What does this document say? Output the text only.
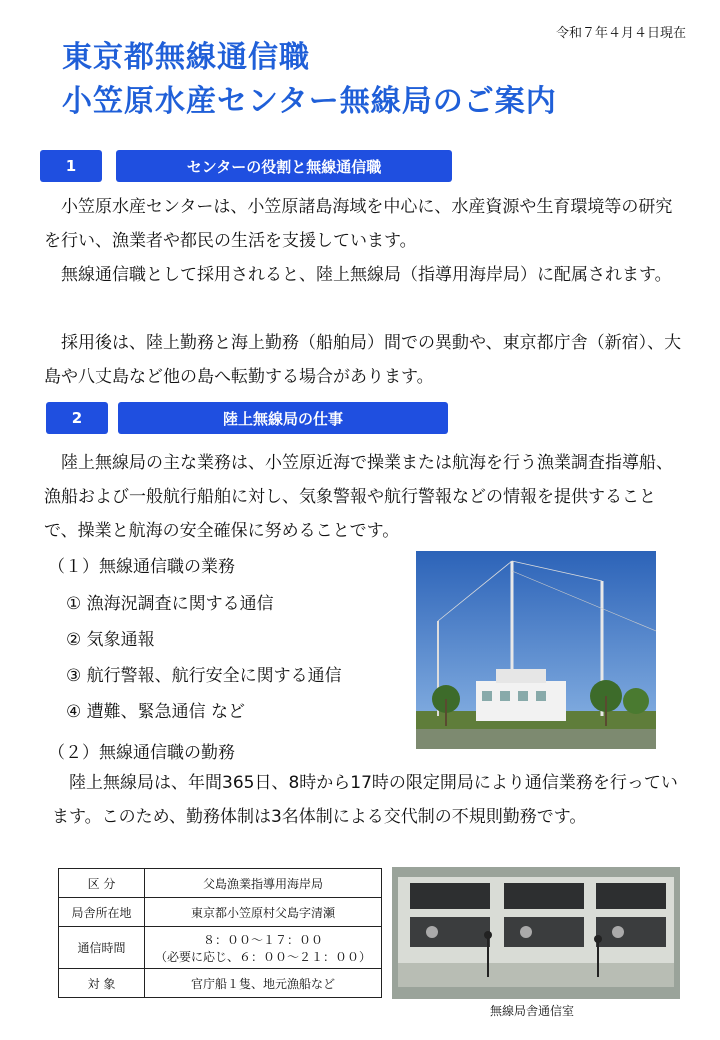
令和７年４月４日現在
東京都無線通信職
小笠原水産センター無線局のご案内
1	センターの役割と無線通信職
小笠原水産センターは、小笠原諸島海域を中心に、水産資源や生育環境等の研究を行い、漁業者や都民の生活を支援しています。
無線通信職として採用されると、陸上無線局（指導用海岸局）に配属されます。
採用後は、陸上勤務と海上勤務（船舶局）間での異動や、東京都庁舎（新宿）、大島や八丈島など他の島へ転勤する場合があります。
2	陸上無線局の仕事
陸上無線局の主な業務は、小笠原近海で操業または航海を行う漁業調査指導船、漁船および一般航行船舶に対し、気象警報や航行警報などの情報を提供することで、操業と航海の安全確保に努めることです。
（１）無線通信職の業務
① 漁海況調査に関する通信
② 気象通報
③ 航行警報、航行安全に関する通信
④ 遭難、緊急通信 など
（２）無線通信職の勤務
陸上無線局は、年間365日、8時から17時の限定開局により通信業務を行っています。このため、勤務体制は3名体制による交代制の不規則勤務です。
区 分	父島漁業指導用海岸局
局舎所在地	東京都小笠原村父島字清瀬
通信時間	８：００～１７：００
（必要に応じ、６：００～２１：００）

対 象	官庁船１隻、地元漁船など
無線局舎通信室
